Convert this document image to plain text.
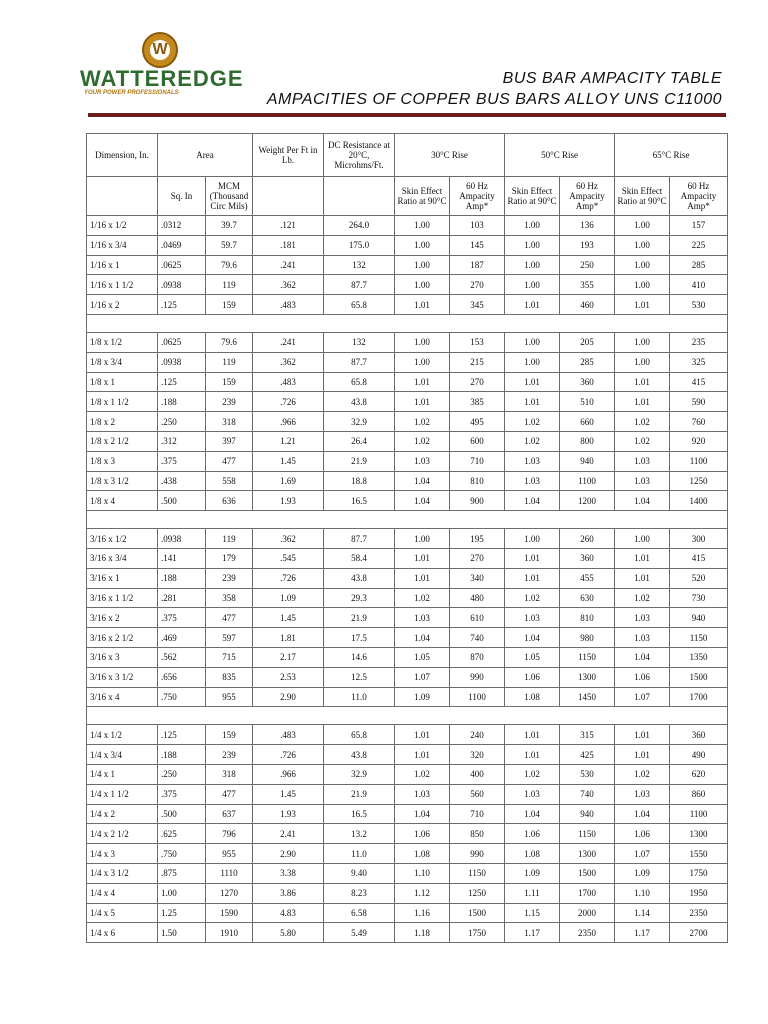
W
WATTEREDGE
YOUR POWER PROFESSIONALS
BUS BAR AMPACITY TABLE
AMPACITIES OF COPPER BUS BARS ALLOY UNS C11000
Dimension, In.	Area		Weight Per Ft in Lb.	DC Resistance at 20°C, Microhms/Ft.	30°C Rise		50°C Rise		65°C Rise	
	Sq. In	MCM (Thousand Circ Mils)			Skin Effect Ratio at 90°C	60 Hz Ampacity Amp*	Skin Effect Ratio at 90°C	60 Hz Ampacity Amp*	Skin Effect Ratio at 90°C	60 Hz Ampacity Amp*
1/16 x 1/2	.0312	39.7	.121	264.0	1.00	103	1.00	136	1.00	157
1/16 x 3/4	.0469	59.7	.181	175.0	1.00	145	1.00	193	1.00	225
1/16 x 1	.0625	79.6	.241	132	1.00	187	1.00	250	1.00	285
1/16 x 1 1/2	.0938	119	.362	87.7	1.00	270	1.00	355	1.00	410
1/16 x 2	.125	159	.483	65.8	1.01	345	1.01	460	1.01	530

1/8 x 1/2	.0625	79.6	.241	132	1.00	153	1.00	205	1.00	235
1/8 x 3/4	.0938	119	.362	87.7	1.00	215	1.00	285	1.00	325
1/8 x 1	.125	159	.483	65.8	1.01	270	1.01	360	1.01	415
1/8 x 1 1/2	.188	239	.726	43.8	1.01	385	1.01	510	1.01	590
1/8 x 2	.250	318	.966	32.9	1.02	495	1.02	660	1.02	760
1/8 x 2 1/2	.312	397	1.21	26.4	1.02	600	1.02	800	1.02	920
1/8 x 3	.375	477	1.45	21.9	1.03	710	1.03	940	1.03	1100
1/8 x 3 1/2	.438	558	1.69	18.8	1.04	810	1.03	1100	1.03	1250
1/8 x 4	.500	636	1.93	16.5	1.04	900	1.04	1200	1.04	1400

3/16 x 1/2	.0938	119	.362	87.7	1.00	195	1.00	260	1.00	300
3/16 x 3/4	.141	179	.545	58.4	1.01	270	1.01	360	1.01	415
3/16 x 1	.188	239	.726	43.8	1.01	340	1.01	455	1.01	520
3/16 x 1 1/2	.281	358	1.09	29.3	1.02	480	1.02	630	1.02	730
3/16 x 2	.375	477	1.45	21.9	1.03	610	1.03	810	1.03	940
3/16 x 2 1/2	.469	597	1.81	17.5	1.04	740	1.04	980	1.03	1150
3/16 x 3	.562	715	2.17	14.6	1.05	870	1.05	1150	1.04	1350
3/16 x 3 1/2	.656	835	2.53	12.5	1.07	990	1.06	1300	1.06	1500
3/16 x 4	.750	955	2.90	11.0	1.09	1100	1.08	1450	1.07	1700

1/4 x 1/2	.125	159	.483	65.8	1.01	240	1.01	315	1.01	360
1/4 x 3/4	.188	239	.726	43.8	1.01	320	1.01	425	1.01	490
1/4 x 1	.250	318	.966	32.9	1.02	400	1.02	530	1.02	620
1/4 x 1 1/2	.375	477	1.45	21.9	1.03	560	1.03	740	1.03	860
1/4 x 2	.500	637	1.93	16.5	1.04	710	1.04	940	1.04	1100
1/4 x 2 1/2	.625	796	2.41	13.2	1.06	850	1.06	1150	1.06	1300
1/4 x 3	.750	955	2.90	11.0	1.08	990	1.08	1300	1.07	1550
1/4 x 3 1/2	.875	1110	3.38	9.40	1.10	1150	1.09	1500	1.09	1750
1/4 x 4	1.00	1270	3.86	8.23	1.12	1250	1.11	1700	1.10	1950
1/4 x 5	1.25	1590	4.83	6.58	1.16	1500	1.15	2000	1.14	2350
1/4 x 6	1.50	1910	5.80	5.49	1.18	1750	1.17	2350	1.17	2700
